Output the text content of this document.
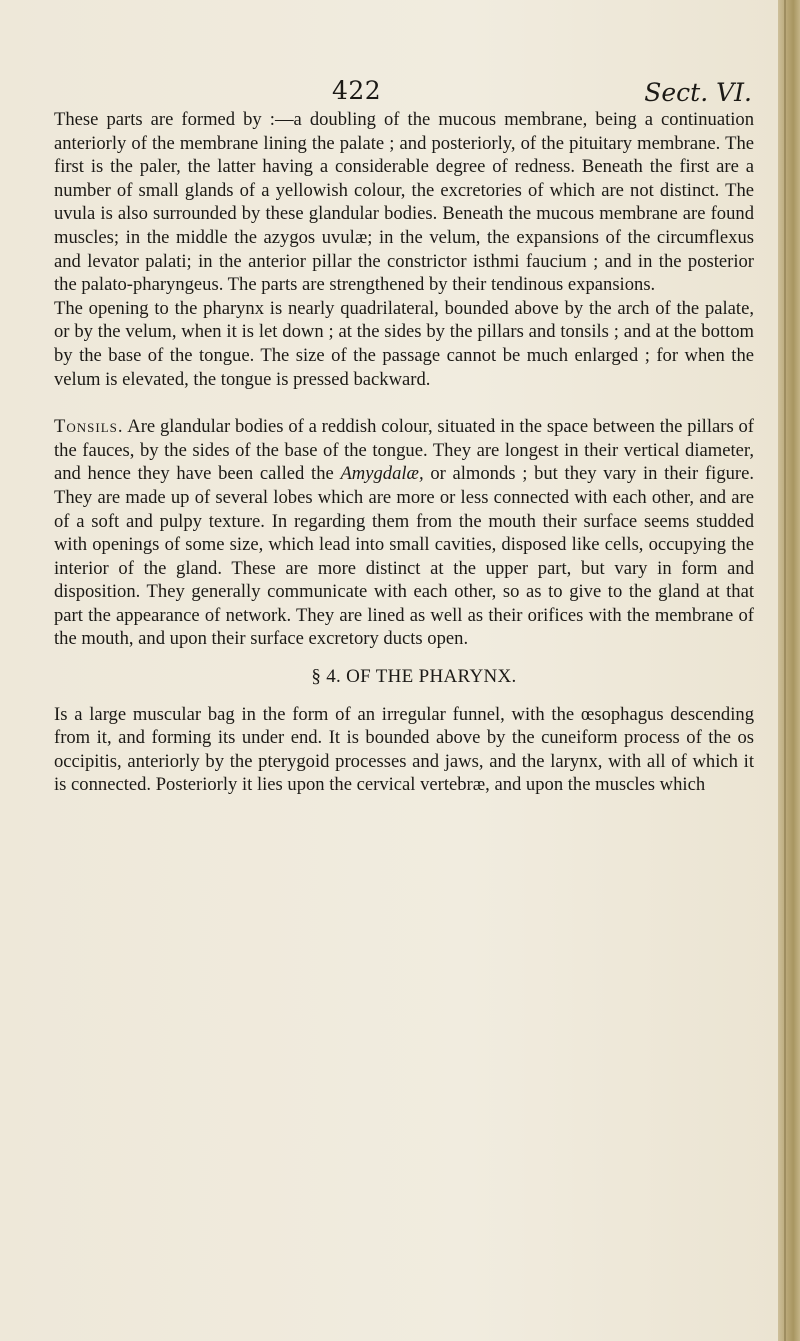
422	Sect. VI.

These parts are formed by :—a doubling of the mucous membrane, being a continuation anteriorly of the membrane lining the palate ; and posteriorly, of the pituitary membrane. The first is the paler, the latter having a considerable degree of redness. Beneath the first are a number of small glands of a yellowish colour, the excretories of which are not distinct. The uvula is also surrounded by these glandular bodies. Beneath the mucous membrane are found muscles; in the middle the azygos uvulæ; in the velum, the expansions of the circumflexus and levator palati; in the anterior pillar the constrictor isthmi faucium ; and in the posterior the palato-pharyngeus. The parts are strengthened by their tendinous expansions.

The opening to the pharynx is nearly quadrilateral, bounded above by the arch of the palate, or by the velum, when it is let down ; at the sides by the pillars and tonsils ; and at the bottom by the base of the tongue. The size of the passage cannot be much enlarged ; for when the velum is elevated, the tongue is pressed backward.

Tonsils. Are glandular bodies of a reddish colour, situated in the space between the pillars of the fauces, by the sides of the base of the tongue. They are longest in their vertical diameter, and hence they have been called the Amygdalæ, or almonds ; but they vary in their figure. They are made up of several lobes which are more or less connected with each other, and are of a soft and pulpy texture. In regarding them from the mouth their surface seems studded with openings of some size, which lead into small cavities, disposed like cells, occupying the interior of the gland. These are more distinct at the upper part, but vary in form and disposition. They generally communicate with each other, so as to give to the gland at that part the appearance of network. They are lined as well as their orifices with the membrane of the mouth, and upon their surface excretory ducts open.

§ 4. OF THE PHARYNX.

Is a large muscular bag in the form of an irregular funnel, with the œsophagus descending from it, and forming its under end. It is bounded above by the cuneiform process of the os occipitis, anteriorly by the pterygoid processes and jaws, and the larynx, with all of which it is connected. Posteriorly it lies upon the cervical vertebræ, and upon the muscles which
